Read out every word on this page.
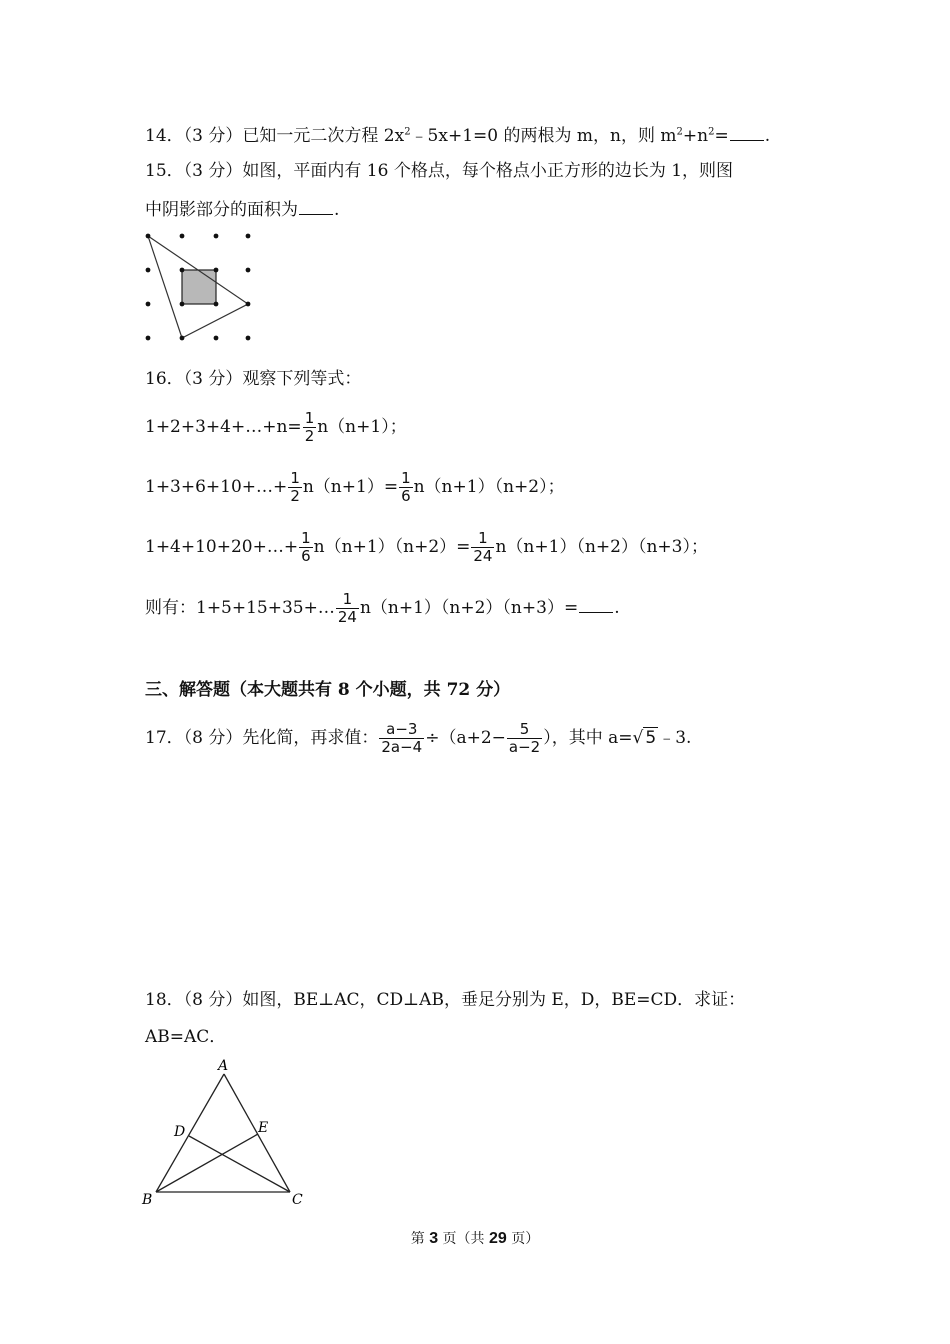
14．（3 分）已知一元二次方程 $2x^2﹣5x+1=0$ 的两根为 m，n，则 $m^2+n^2=$ .
15．（3 分）如图，平面内有 16 个格点，每个格点小正方形的边长为 1，则图
中阴影部分的面积为 .
16．（3 分）观察下列等式：
1+2+3+4+…+n= $\frac{1}{2} n(n+1)$；
1+3+6+10+…+ $\frac{1}{2} n(n+1)= \frac{1}{6} n(n+1)(n+2)$；
1+4+10+20+…+ $\frac{1}{6} n(n+1)(n+2)= \frac{1}{24} n(n+1)(n+2)(n+3)$；
则有：1+5+15+35+… $\frac{1}{24} n(n+1)(n+2)(n+3)=$ .
三、解答题（本大题共有 8 个小题，共 72 分）
17．（8 分）先化简，再求值： $\frac{a-3}{2a-4} \div(a+2- \frac{5}{a-2}$ ），其中 a=√ 5 ﹣3.
18．（8 分）如图，BE⊥AC，CD⊥AB，垂足分别为 E，D，BE=CD．求证：
AB=AC．
A
B	C
D	E
第 3 页（共 29 页）
